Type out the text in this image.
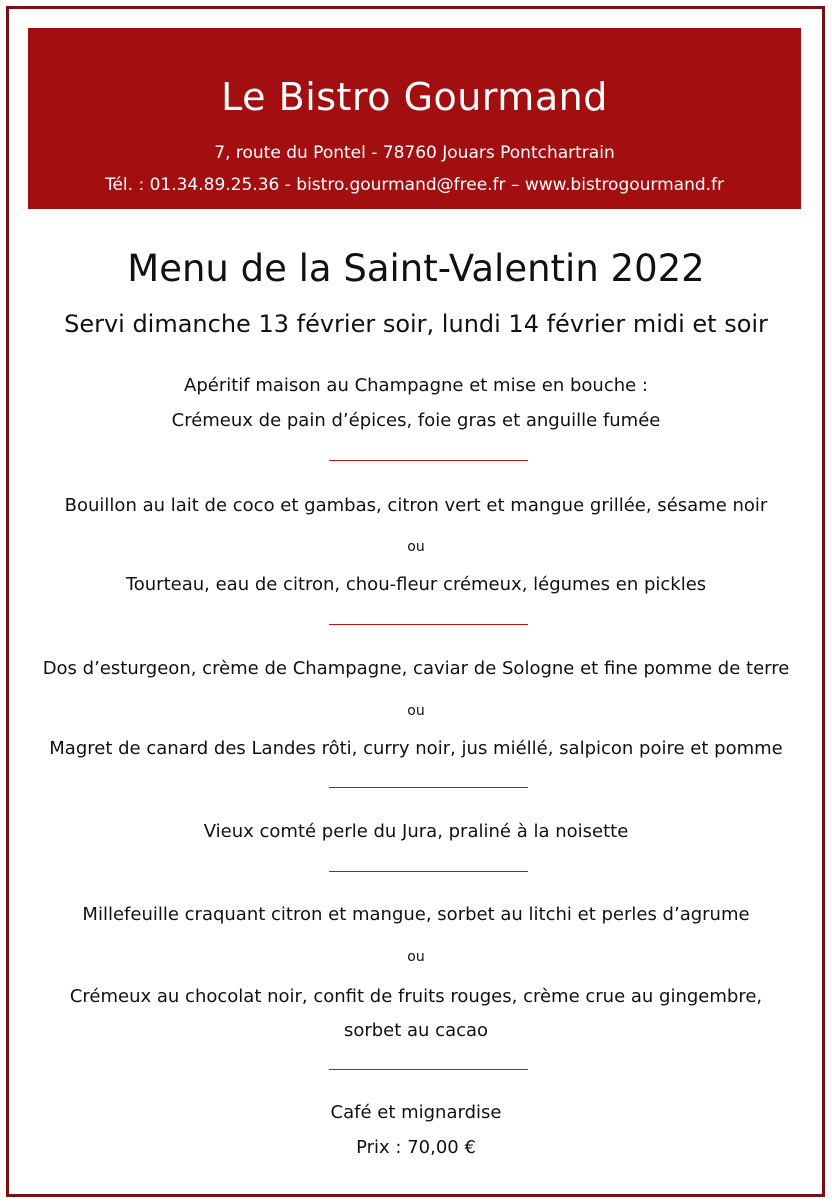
Le Bistro Gourmand
7, route du Pontel - 78760 Jouars Pontchartrain
Tél. : 01.34.89.25.36 - bistro.gourmand@free.fr – www.bistrogourmand.fr
Menu de la Saint-Valentin 2022
Servi dimanche 13 février soir, lundi 14 février midi et soir
Apéritif maison au Champagne et mise en bouche :
Crémeux de pain d’épices, foie gras et anguille fumée
Bouillon au lait de coco et gambas, citron vert et mangue grillée, sésame noir
ou
Tourteau, eau de citron, chou-fleur crémeux, légumes en pickles
Dos d’esturgeon, crème de Champagne, caviar de Sologne et fine pomme de terre
ou
Magret de canard des Landes rôti, curry noir, jus miéllé, salpicon poire et pomme
Vieux comté perle du Jura, praliné à la noisette
Millefeuille craquant citron et mangue, sorbet au litchi et perles d’agrume
ou
Crémeux au chocolat noir, confit de fruits rouges, crème crue au gingembre,
sorbet au cacao
Café et mignardise
Prix : 70,00 €
